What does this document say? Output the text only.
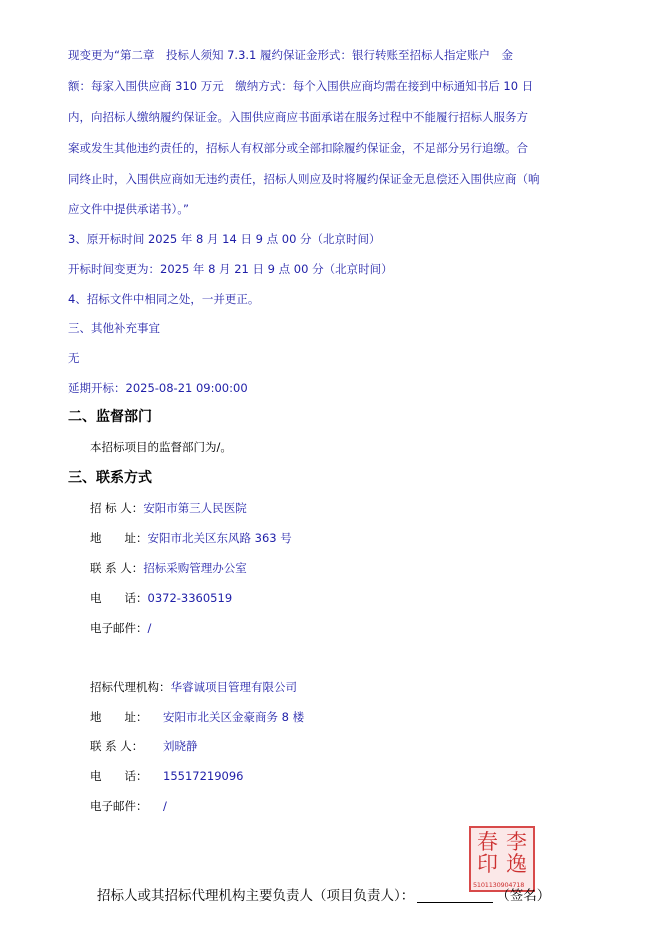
现变更为“第二章　投标人须知 7.3.1 履约保证金形式：银行转账至招标人指定账户　金
额：每家入围供应商 310 万元　缴纳方式：每个入围供应商均需在接到中标通知书后 10 日
内，向招标人缴纳履约保证金。入围供应商应书面承诺在服务过程中不能履行招标人服务方
案或发生其他违约责任的，招标人有权部分或全部扣除履约保证金，不足部分另行追缴。合
同终止时，入围供应商如无违约责任，招标人则应及时将履约保证金无息偿还入围供应商（响
应文件中提供承诺书）。”
3、原开标时间 2025 年 8 月 14 日 9 点 00 分（北京时间）
开标时间变更为：2025 年 8 月 21 日 9 点 00 分（北京时间）
4、招标文件中相同之处，一并更正。
三、其他补充事宜
无
延期开标：2025-08-21 09:00:00
二、监督部门
本招标项目的监督部门为/。
三、联系方式
招 标 人：安阳市第三人民医院
地　　址：安阳市北关区东风路 363 号
联 系 人：招标采购管理办公室
电　　话：0372-3360519
电子邮件：/
招标代理机构：华睿诚项目管理有限公司
地　　址： 安阳市北关区金豪商务 8 楼
联 系 人： 刘晓静
电　　话： 15517219096
电子邮件： /
李
逸
春
印
5101130904718
招标人或其招标代理机构主要负责人（项目负责人）：	（签名）
